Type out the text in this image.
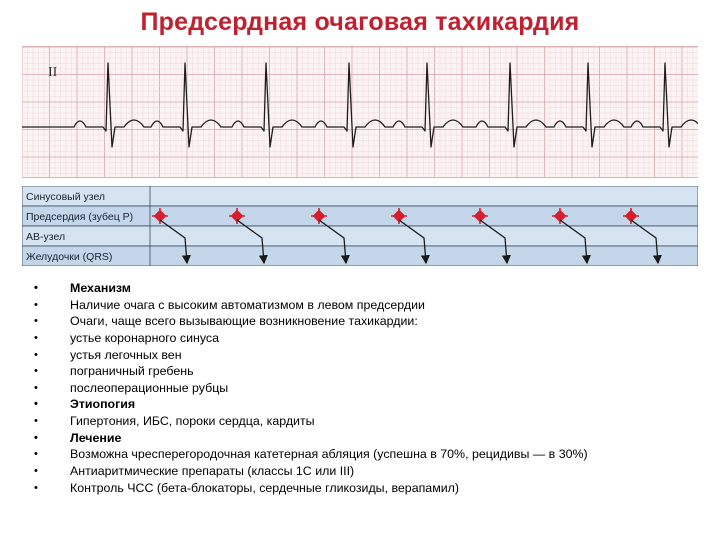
Предсердная очаговая тахикардия
II
Синусовый узел
Предсердия (зубец P)
АВ-узел
Желудочки (QRS)
• Механизм
• Наличие очага с высоким автоматизмом в левом предсердии
• Очаги, чаще всего вызывающие возникновение тахикардии:
• устье коронарного синуса
• устья легочных вен
• пограничный гребень
• послеоперационные рубцы
• Этиопогия
• Гипертония, ИБС, пороки сердца, кардиты
• Лечение
• Возможна чресперегородочная катетерная абляция (успешна в 70%, рецидивы — в 30%)
• Антиаритмические препараты (классы 1С или III)
• Контроль ЧСС (бета-блокаторы, сердечные гликозиды, верапамил)
